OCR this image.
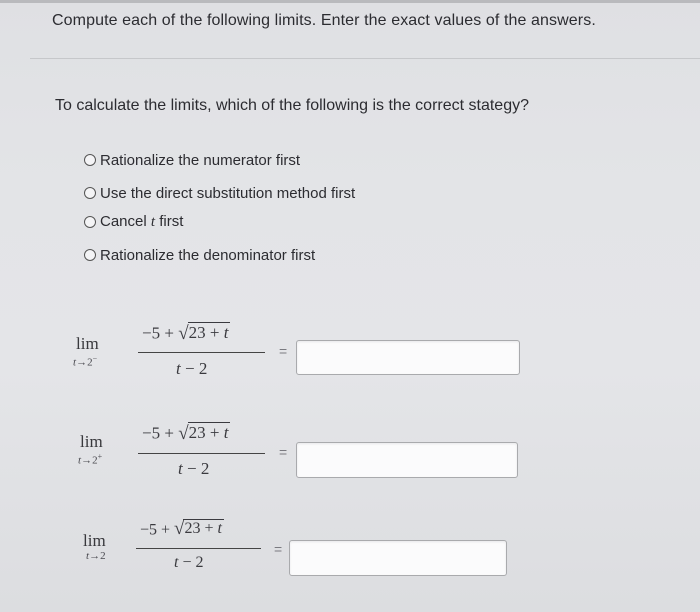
Compute each of the following limits. Enter the exact values of the answers.
To calculate the limits, which of the following is the correct stategy?
Rationalize the numerator first
Use the direct substitution method first
Cancel t first
Rationalize the denominator first
lim
t→2−
−5 + √ 23 + t
t − 2
=
lim
t→2+
−5 + √ 23 + t
t − 2
=
lim
t→2
−5 + √ 23 + t
t − 2
=
